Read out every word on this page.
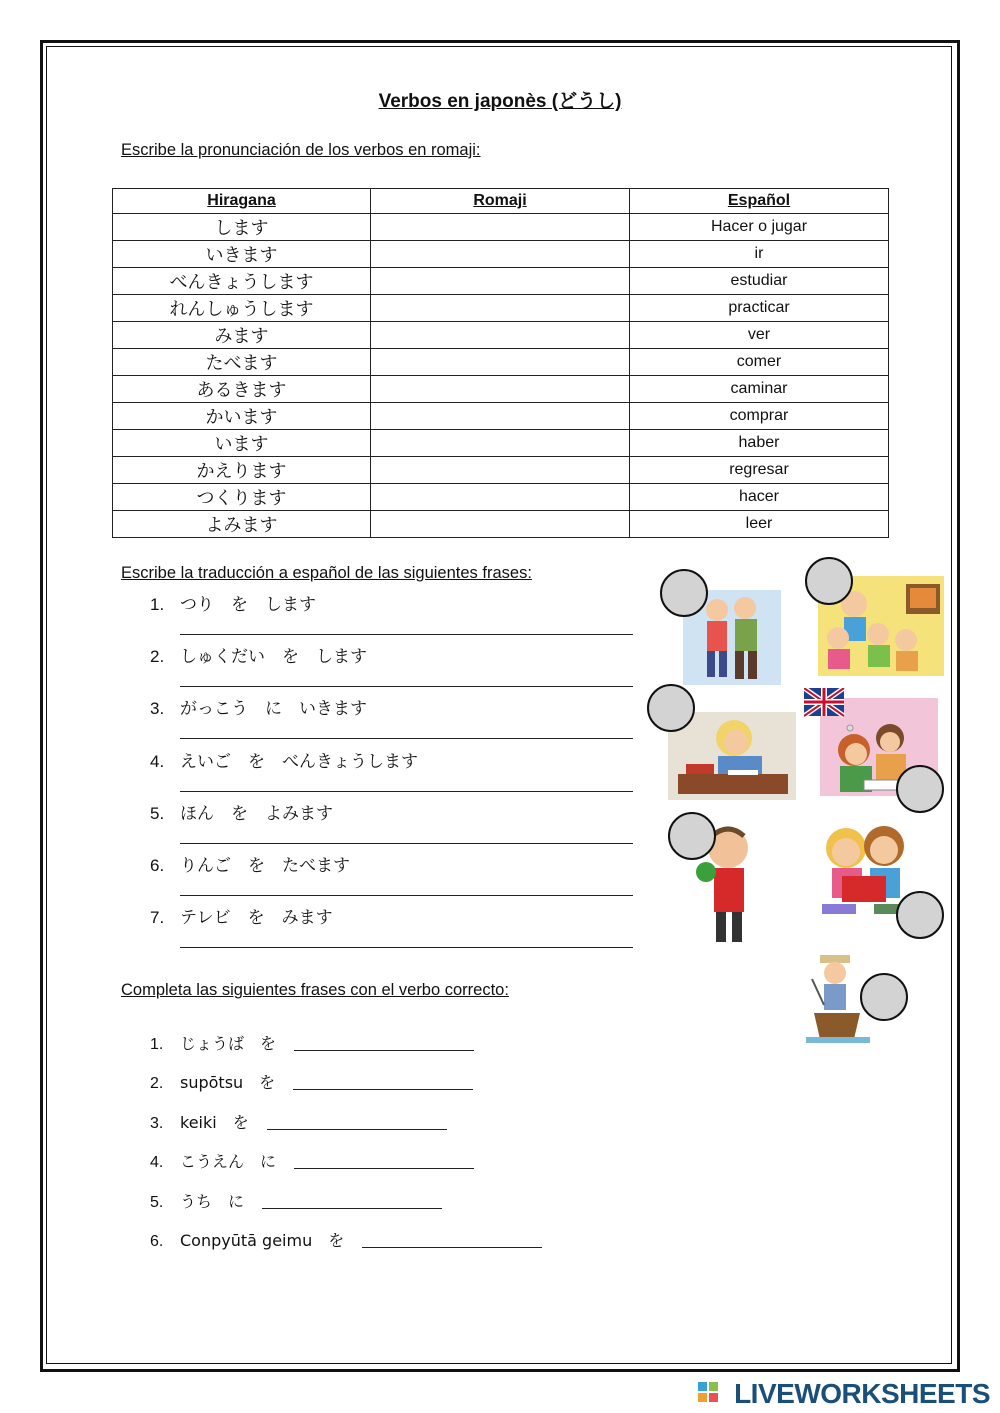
Verbos en japonès (どうし)
Escribe la pronunciación de los verbos en romaji:
Hiragana	Romaji	Español
します		Hacer o jugar
いきます		ir
べんきょうします		estudiar
れんしゅうします		practicar
みます		ver
たべます		comer
あるきます		caminar
かいます		comprar
います		haber
かえります		regresar
つくります		hacer
よみます		leer
Escribe la traducción a español de las siguientes frases:
1. つり　を　します
2. しゅくだい　を　します
3. がっこう　に　いきます
4. えいご　を　べんきょうします
5. ほん　を　よみます
6. りんご　を　たべます
7. テレビ　を　みます
Completa las siguientes frases con el verbo correcto:
1. じょうば　を
2. supōtsu　を
3. keiki　を
4. こうえん　に
5. うち　に
6. Conpyūtā geimu　を
LIVEWORKSHEETS
